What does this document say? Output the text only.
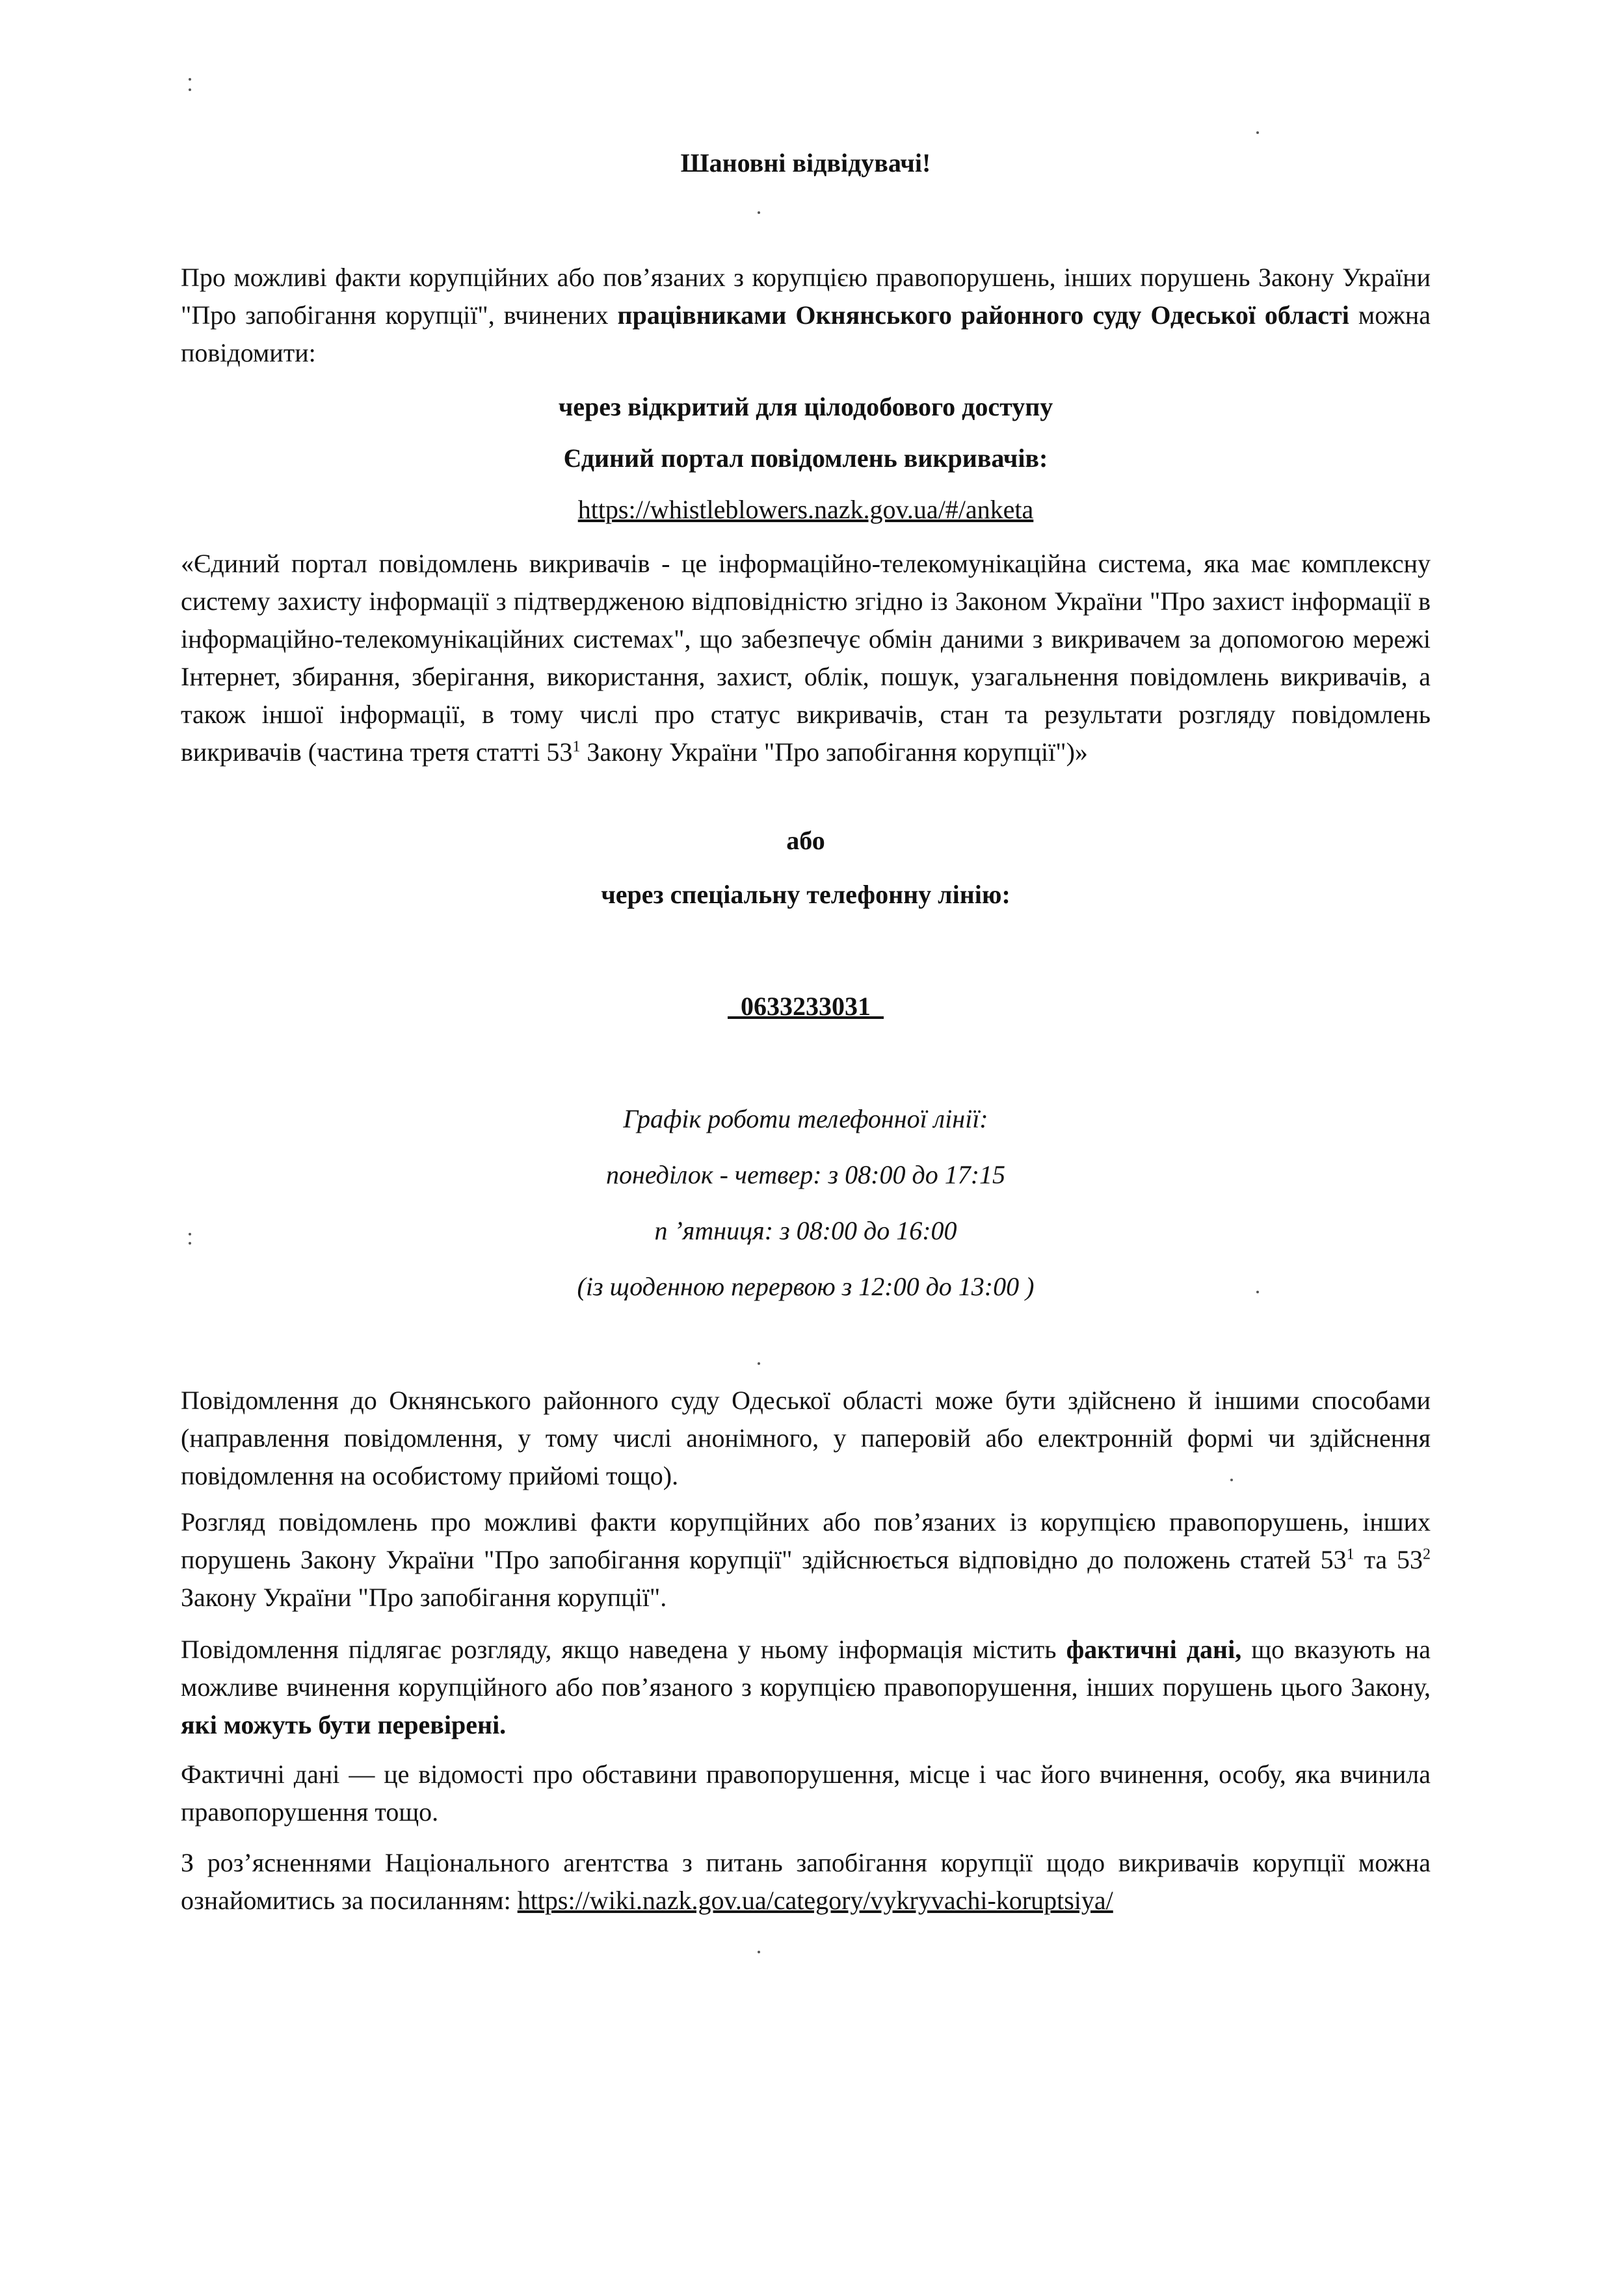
Шановні відвідувачі!
Про можливі факти корупційних або пов’язаних з корупцією правопорушень, інших порушень Закону України "Про запобігання корупції", вчинених працівниками Окнянського районного суду Одеської області можна повідомити:
через відкритий для цілодобового доступу
Єдиний портал повідомлень викривачів:
https://whistleblowers.nazk.gov.ua/#/anketa
«Єдиний портал повідомлень викривачів - це інформаційно-телекомунікаційна система, яка має комплексну систему захисту інформації з підтвердженою відповідністю згідно із Законом України "Про захист інформації в інформаційно-телекомунікаційних системах", що забезпечує обмін даними з викривачем за допомогою мережі Інтернет, збирання, зберігання, використання, захист, облік, пошук, узагальнення повідомлень викривачів, а також іншої інформації, в тому числі про статус викривачів, стан та результати розгляду повідомлень викривачів (частина третя статті $53^1$ Закону України "Про запобігання корупції")»
або
через спеціальну телефонну лінію:
0633233031
Графік роботи телефонної лінії:
понеділок - четвер: з 08:00 до 17:15
п ’ятниця: з 08:00 до 16:00
(із щоденною перервою з 12:00 до 13:00 )
Повідомлення до Окнянського районного суду Одеської області може бути здійснено й іншими способами (направлення повідомлення, у тому числі анонімного, у паперовій або електронній формі чи здійснення повідомлення на особистому прийомі тощо).
Розгляд повідомлень про можливі факти корупційних або пов’язаних із корупцією правопорушень, інших порушень Закону України "Про запобігання корупції" здійснюється відповідно до положень статей $53^1$ та $53^2$ Закону України "Про запобігання корупції".
Повідомлення підлягає розгляду, якщо наведена у ньому інформація містить фактичні дані, що вказують на можливе вчинення корупційного або пов’язаного з корупцією правопорушення, інших порушень цього Закону, які можуть бути перевірені.
Фактичні дані — це відомості про обставини правопорушення, місце і час його вчинення, особу, яка вчинила правопорушення тощо.
З роз’ясненнями Національного агентства з питань запобігання корупції щодо викривачів корупції можна ознайомитись за посиланням: https://wiki.nazk.gov.ua/category/vykryvachi-koruptsiya/
